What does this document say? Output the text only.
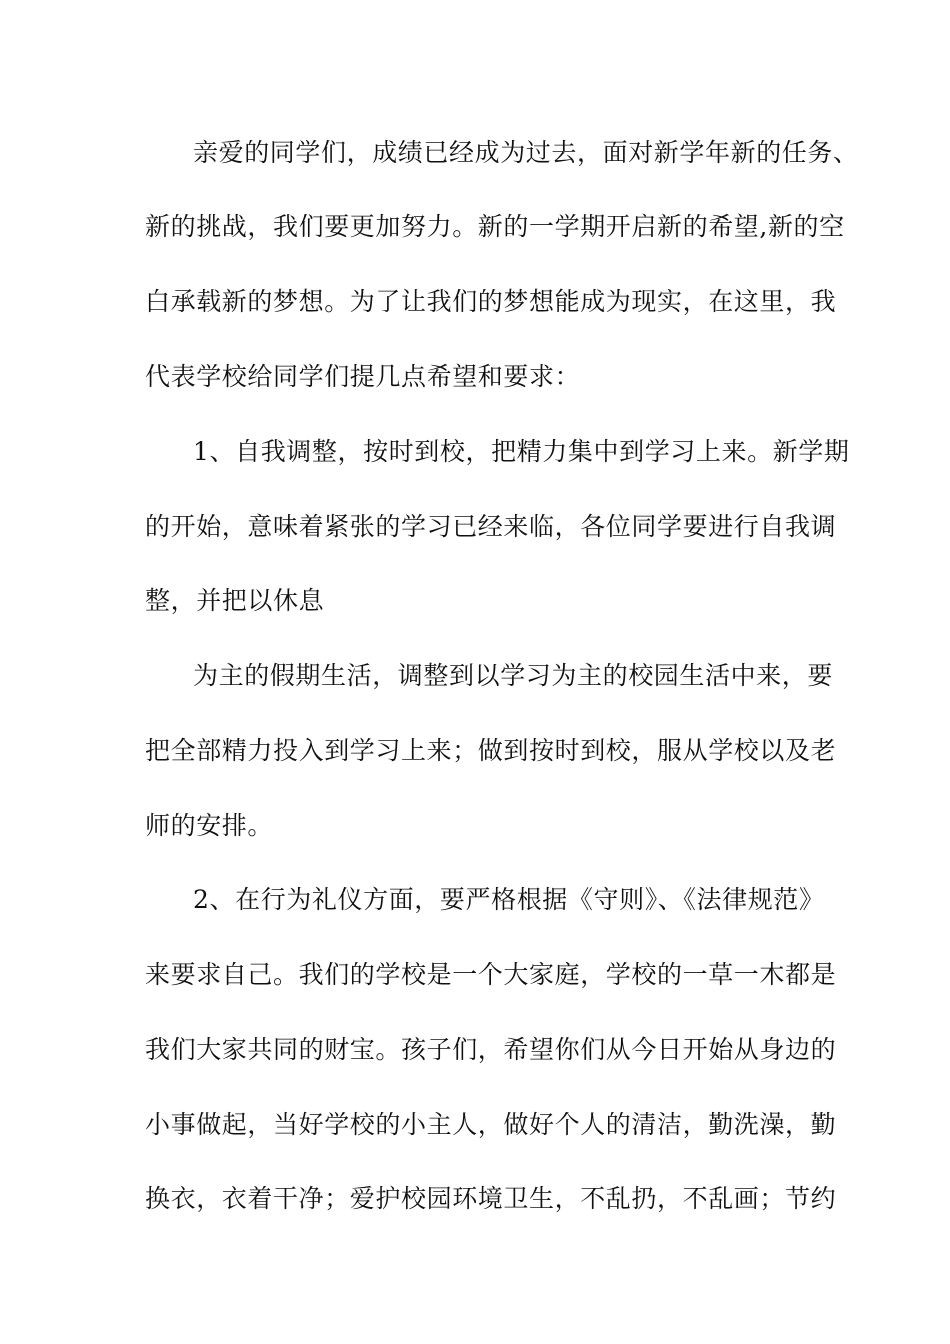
亲爱的同学们，成绩已经成为过去，面对新学年新的任务、
新的挑战，我们要更加努力。新的一学期开启新的希望,新的空
白承载新的梦想。为了让我们的梦想能成为现实，在这里，我
代表学校给同学们提几点希望和要求：
1、自我调整，按时到校，把精力集中到学习上来。新学期
的开始，意味着紧张的学习已经来临，各位同学要进行自我调
整，并把以休息
为主的假期生活，调整到以学习为主的校园生活中来，要
把全部精力投入到学习上来；做到按时到校，服从学校以及老
师的安排。
2、在行为礼仪方面，要严格根据《守则》、《法律规范》
来要求自己。我们的学校是一个大家庭，学校的一草一木都是
我们大家共同的财宝。孩子们，希望你们从今日开始从身边的
小事做起，当好学校的小主人，做好个人的清洁，勤洗澡，勤
换衣，衣着干净；爱护校园环境卫生，不乱扔，不乱画；节约
